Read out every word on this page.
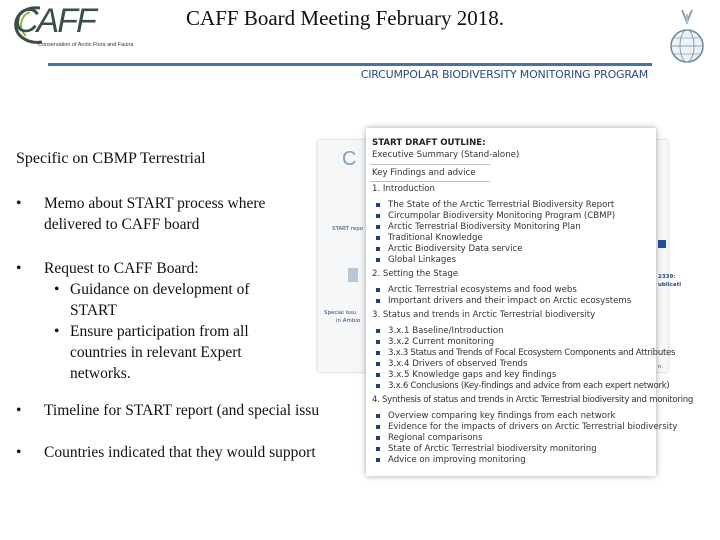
CAFF
Conservation of Arctic Flora and Fauna
CAFF Board Meeting February 2018.
CIRCUMPOLAR BIODIVERSITY MONITORING PROGRAM
C
START repo
Special issu
in Ambio
2339:
ublicati
n.
START DRAFT OUTLINE:
Executive Summary (Stand-alone)
Key Findings and advice
1. Introduction
The State of the Arctic Terrestrial Biodiversity Report
Circumpolar Biodiversity Monitoring Program (CBMP)
Arctic Terrestrial Biodiversity Monitoring Plan
Traditional Knowledge
Arctic Biodiversity Data service
Global Linkages
2. Setting the Stage
Arctic Terrestrial ecosystems and food webs
Important drivers and their impact on Arctic ecosystems
3. Status and trends in Arctic Terrestrial biodiversity
3.x.1 Baseline/Introduction
3.x.2 Current monitoring
3.x.3 Status and Trends of Focal Ecosystem Components and Attributes
3.x.4 Drivers of observed Trends
3.x.5 Knowledge gaps and key findings
3.x.6 Conclusions (Key-findings and advice from each expert network)
4. Synthesis of status and trends in Arctic Terrestrial biodiversity and monitoring
Overview comparing key findings from each network
Evidence for the impacts of drivers on Arctic Terrestrial biodiversity
Regional comparisons
State of Arctic Terrestrial biodiversity monitoring
Advice on improving monitoring
Specific on CBMP Terrestrial
• Memo about START process where
delivered to CAFF board
• Request to CAFF Board:
• Guidance on development of
START
• Ensure participation from all
countries in relevant Expert
networks.
• Timeline for START report (and special issu
• Countries indicated that they would support
